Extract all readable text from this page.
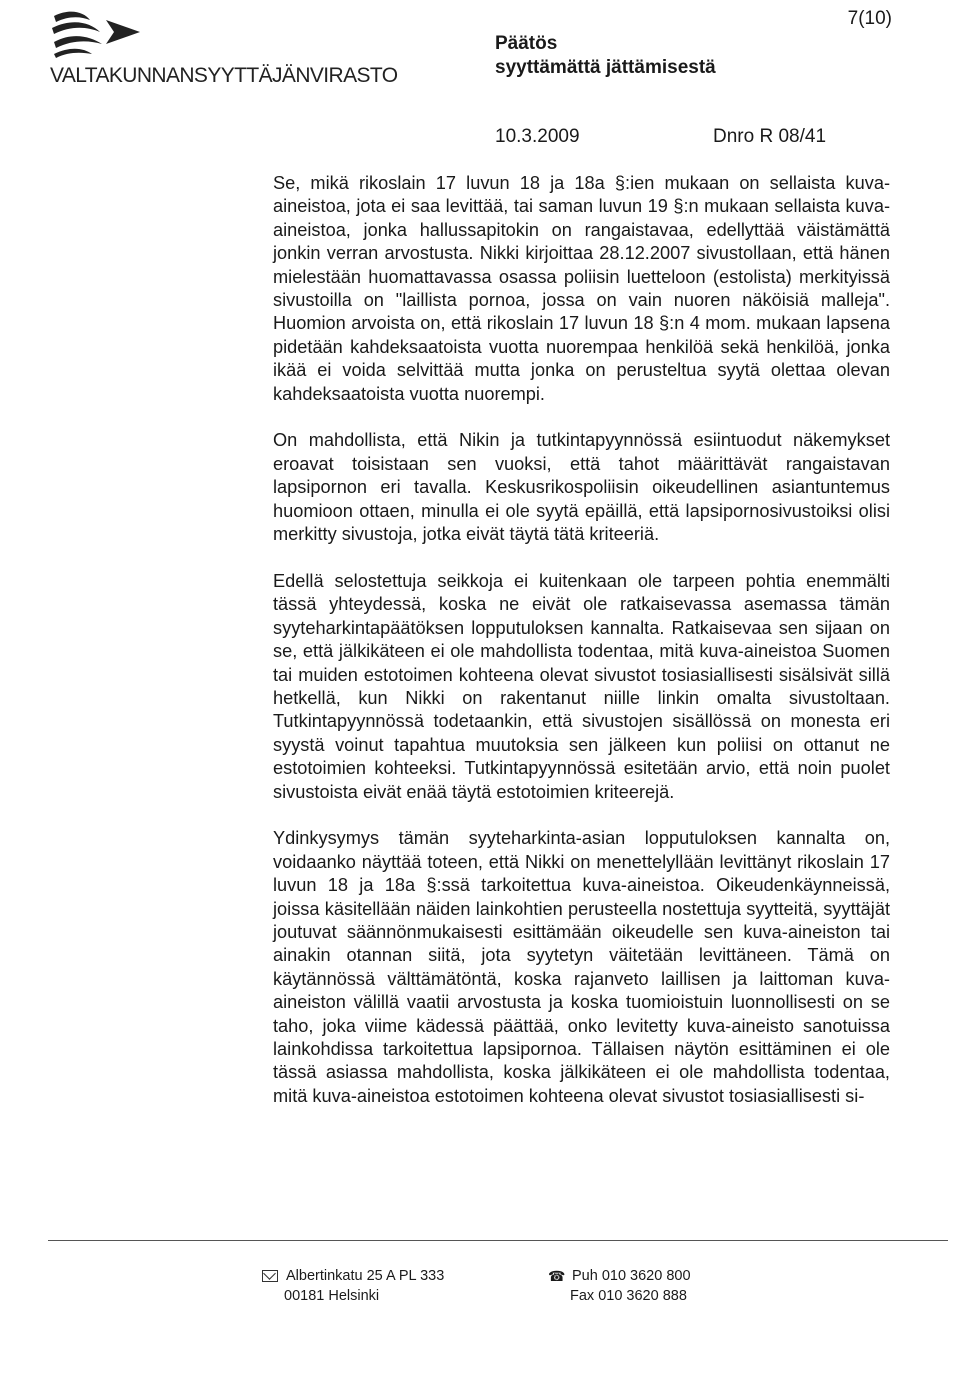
VALTAKUNNANSYYTTÄJÄNVIRASTO
7(10)
Päätös
syyttämättä jättämisestä
10.3.2009	Dnro R 08/41

Se, mikä rikoslain 17 luvun 18 ja 18a §:ien mukaan on sellaista kuva-aineistoa, jota ei saa levittää, tai saman luvun 19 §:n mukaan sellaista kuva-aineistoa, jonka hallussapitokin on rangaistavaa, edellyttää väistämättä jonkin verran arvostusta. Nikki kirjoittaa 28.12.2007 sivustollaan, että hänen mielestään huomattavassa osassa poliisin luetteloon (estolista) merkityissä sivustoilla on "laillista pornoa, jossa on vain nuoren näköisiä malleja". Huomion arvoista on, että rikoslain 17 luvun 18 §:n 4 mom. mukaan lapsena pidetään kahdeksaatoista vuotta nuorempaa henkilöä sekä henkilöä, jonka ikää ei voida selvittää mutta jonka on perusteltua syytä olettaa olevan kahdeksaatoista vuotta nuorempi.

On mahdollista, että Nikin ja tutkintapyynnössä esiintuodut näkemykset eroavat toisistaan sen vuoksi, että tahot määrittävät rangaistavan lapsipornon eri tavalla. Keskusrikospoliisin oikeudellinen asiantuntemus huomioon ottaen, minulla ei ole syytä epäillä, että lapsipornosivustoiksi olisi merkitty sivustoja, jotka eivät täytä tätä kriteeriä.

Edellä selostettuja seikkoja ei kuitenkaan ole tarpeen pohtia enemmälti tässä yhteydessä, koska ne eivät ole ratkaisevassa asemassa tämän syyteharkintapäätöksen lopputuloksen kannalta. Ratkaisevaa sen sijaan on se, että jälkikäteen ei ole mahdollista todentaa, mitä kuva-aineistoa Suomen tai muiden estotoimen kohteena olevat sivustot tosiasiallisesti sisälsivät sillä hetkellä, kun Nikki on rakentanut niille linkin omalta sivustoltaan. Tutkintapyynnössä todetaankin, että sivustojen sisällössä on monesta eri syystä voinut tapahtua muutoksia sen jälkeen kun poliisi on ottanut ne estotoimien kohteeksi. Tutkintapyynnössä esitetään arvio, että noin puolet sivustoista eivät enää täytä estotoimien kriteerejä.

Ydinkysymys tämän syyteharkinta-asian lopputuloksen kannalta on, voidaanko näyttää toteen, että Nikki on menettelyllään levittänyt rikoslain 17 luvun 18 ja 18a §:ssä tarkoitettua kuva-aineistoa. Oikeudenkäynneissä, joissa käsitellään näiden lainkohtien perusteella nostettuja syytteitä, syyttäjät joutuvat säännönmukaisesti esittämään oikeudelle sen kuva-aineiston tai ainakin otannan siitä, jota syytetyn väitetään levittäneen. Tämä on käytännössä välttämätöntä, koska rajanveto laillisen ja laittoman kuva-aineiston välillä vaatii arvostusta ja koska tuomioistuin luonnollisesti on se taho, joka viime kädessä päättää, onko levitetty kuva-aineisto sanotuissa lainkohdissa tarkoitettua lapsipornoa. Tällaisen näytön esittäminen ei ole tässä asiassa mahdollista, koska jälkikäteen ei ole mahdollista todentaa, mitä kuva-aineistoa estotoimen kohteena olevat sivustot tosiasiallisesti si-

Albertinkatu 25 A PL 333
00181 Helsinki
☎ Puh 010 3620 800
Fax 010 3620 888
